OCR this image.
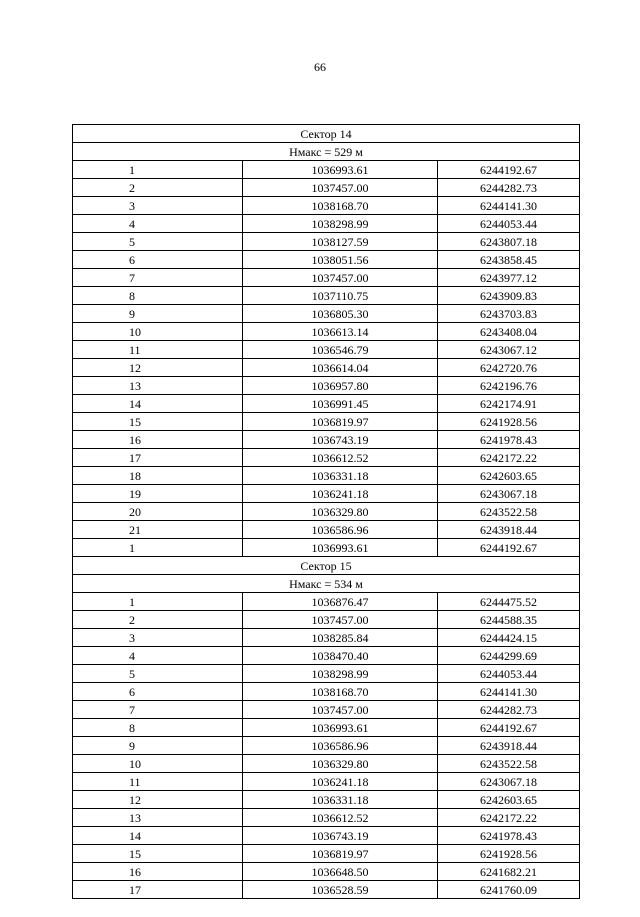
66
Сектор 14		
Hмакс = 529 м		
1	1036993.61	6244192.67
2	1037457.00	6244282.73
3	1038168.70	6244141.30
4	1038298.99	6244053.44
5	1038127.59	6243807.18
6	1038051.56	6243858.45
7	1037457.00	6243977.12
8	1037110.75	6243909.83
9	1036805.30	6243703.83
10	1036613.14	6243408.04
11	1036546.79	6243067.12
12	1036614.04	6242720.76
13	1036957.80	6242196.76
14	1036991.45	6242174.91
15	1036819.97	6241928.56
16	1036743.19	6241978.43
17	1036612.52	6242172.22
18	1036331.18	6242603.65
19	1036241.18	6243067.18
20	1036329.80	6243522.58
21	1036586.96	6243918.44
1	1036993.61	6244192.67
Сектор 15		
Hмакс = 534 м		
1	1036876.47	6244475.52
2	1037457.00	6244588.35
3	1038285.84	6244424.15
4	1038470.40	6244299.69
5	1038298.99	6244053.44
6	1038168.70	6244141.30
7	1037457.00	6244282.73
8	1036993.61	6244192.67
9	1036586.96	6243918.44
10	1036329.80	6243522.58
11	1036241.18	6243067.18
12	1036331.18	6242603.65
13	1036612.52	6242172.22
14	1036743.19	6241978.43
15	1036819.97	6241928.56
16	1036648.50	6241682.21
17	1036528.59	6241760.09
